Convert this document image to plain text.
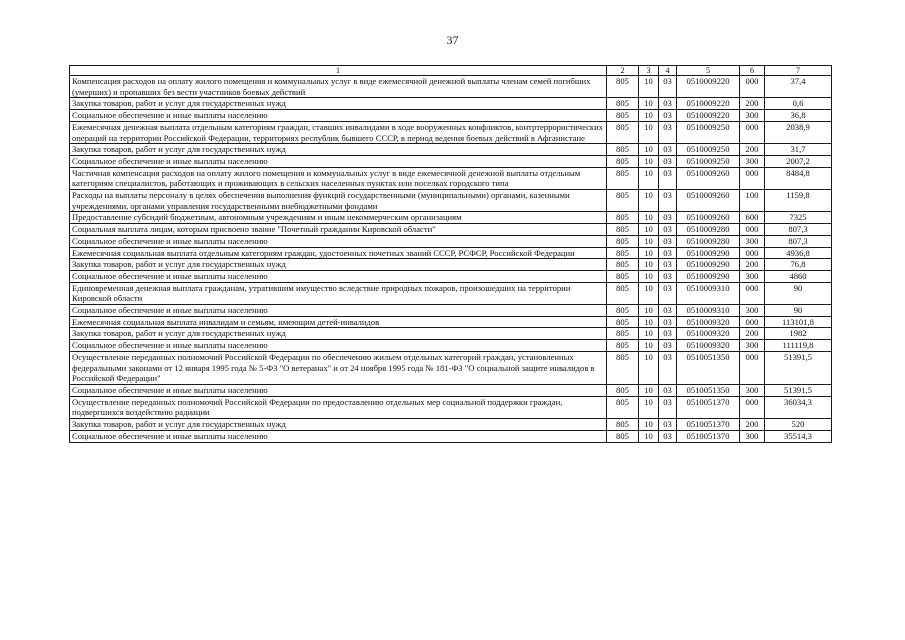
37
1	2	3	4	5	6	7
Компенсация расходов на оплату жилого помещения и коммунальных услуг в виде ежемесячной денежной выплаты членам семей погибших (умерших) и пропавших без вести участников боевых действий	805	10	03	0510009220	000	37,4
Закупка товаров, работ и услуг для государственных нужд	805	10	03	0510009220	200	0,6
Социальное обеспечение и иные выплаты населению	805	10	03	0510009220	300	36,8
Ежемесячная денежная выплата отдельным категориям граждан, ставших инвалидами в ходе вооруженных конфликтов, контртеррористических операций на территории Российской Федерации, территориях республик бывшего СССР, в период ведения боевых действий в Афганистане	805	10	03	0510009250	000	2038,9
Закупка товаров, работ и услуг для государственных нужд	805	10	03	0510009250	200	31,7
Социальное обеспечение и иные выплаты населению	805	10	03	0510009250	300	2007,2
Частичная компенсация расходов на оплату жилого помещения и коммунальных услуг в виде ежемесячной денежной выплаты отдельным категориям специалистов, работающих и проживающих в сельских населенных пунктах или поселках городского типа	805	10	03	0510009260	000	8484,8
Расходы на выплаты персоналу в целях обеспечения выполнения функций государственными (муниципальными) органами, казенными учреждениями, органами управления государственными внебюджетными фондами	805	10	03	0510009260	100	1159,8
Предоставление субсидий бюджетным, автономным учреждениям и иным некоммерческим организациям	805	10	03	0510009260	600	7325
Социальная выплата лицам, которым присвоено звание "Почетный гражданин Кировской области"	805	10	03	0510009280	000	807,3
Социальное обеспечение и иные выплаты населению	805	10	03	0510009280	300	807,3
Ежемесячная социальная выплата отдельным категориям граждан, удостоенных почетных званий СССР, РСФСР, Российской Федерации	805	10	03	0510009290	000	4936,8
Закупка товаров, работ и услуг для государственных нужд	805	10	03	0510009290	200	76,8
Социальное обеспечение и иные выплаты населению	805	10	03	0510009290	300	4860
Единовременная денежная выплата гражданам, утратившим имущество вследствие природных пожаров, произошедших на территории Кировской области	805	10	03	0510009310	000	90
Социальное обеспечение и иные выплаты населению	805	10	03	0510009310	300	90
Ежемесячная социальная выплата инвалидам и семьям, имеющим детей-инвалидов	805	10	03	0510009320	000	113101,8
Закупка товаров, работ и услуг для государственных нужд	805	10	03	0510009320	200	1982
Социальное обеспечение и иные выплаты населению	805	10	03	0510009320	300	111119,8
Осуществление переданных полномочий Российской Федерации по обеспечению жильем отдельных категорий граждан, установленных федеральными законами от 12 января 1995 года № 5-ФЗ "О ветеранах" и от 24 ноября 1995 года № 181-ФЗ "О социальной защите инвалидов в Российской Федерации"	805	10	03	0510051350	000	51391,5
Социальное обеспечение и иные выплаты населению	805	10	03	0510051350	300	51391,5
Осуществление переданных полномочий Российской Федерации по предоставлению отдельных мер социальной поддержки граждан, подвергшихся воздействию радиации	805	10	03	0510051370	000	36034,3
Закупка товаров, работ и услуг для государственных нужд	805	10	03	0510051370	200	520
Социальное обеспечение и иные выплаты населению	805	10	03	0510051370	300	35514,3
